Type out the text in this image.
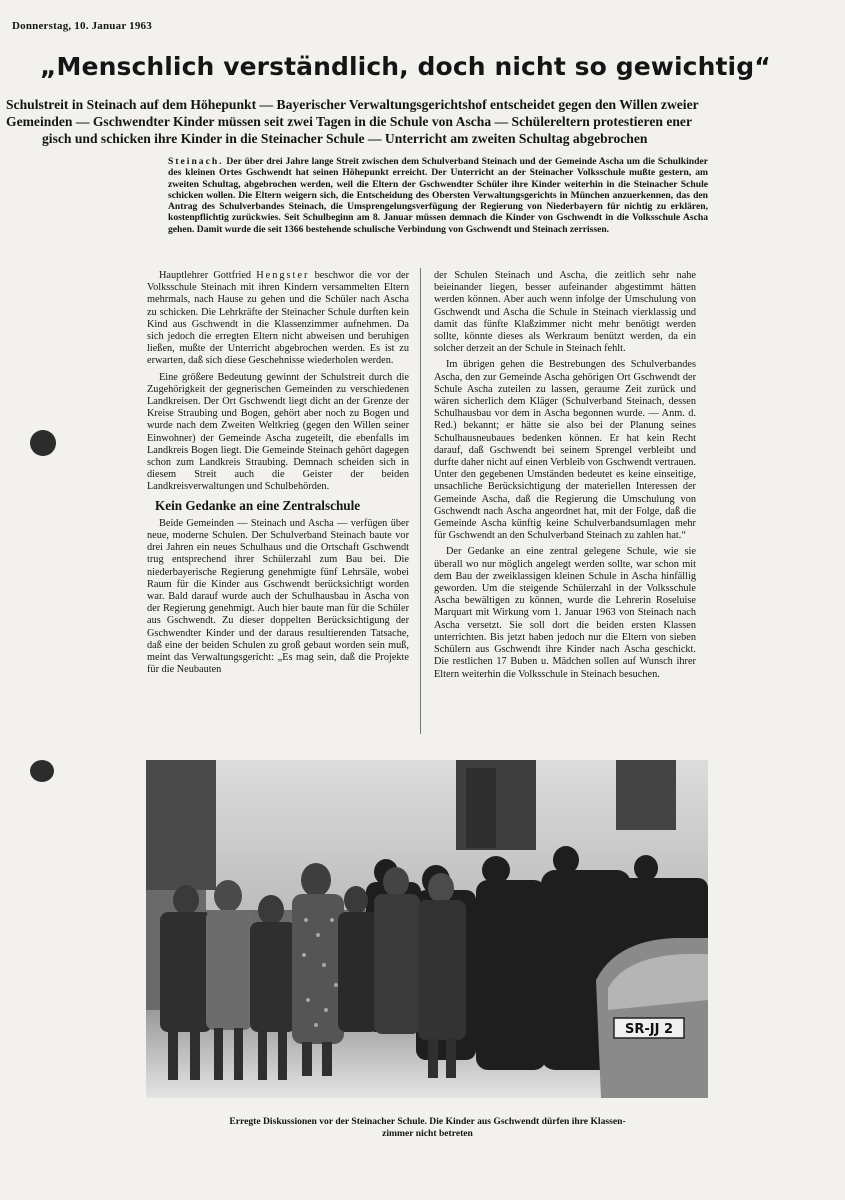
Donnerstag, 10. Januar 1963
„Menschlich verständlich, doch nicht so gewichtig“
Schulstreit in Steinach auf dem Höhepunkt — Bayerischer Verwaltungsgerichtshof entscheidet gegen den Willen zweier
Gemeinden — Gschwendter Kinder müssen seit zwei Tagen in die Schule von Ascha — Schülereltern protestieren ener
gisch und schicken ihre Kinder in die Steinacher Schule — Unterricht am zweiten Schultag abgebrochen
Steinach. Der über drei Jahre lange Streit zwischen dem Schulverband Steinach und der Gemeinde Ascha um die Schulkinder des kleinen Ortes Gschwendt hat seinen Höhepunkt erreicht. Der Unterricht an der Steinacher Volksschule mußte gestern, am zweiten Schultag, abgebrochen werden, weil die Eltern der Gschwendter Schüler ihre Kinder weiterhin in die Steinacher Schule schicken wollen. Die Eltern weigern sich, die Entscheidung des Obersten Verwaltungsgerichts in München anzuerkennen, das den Antrag des Schulverbandes Steinach, die Umsprengelungsverfügung der Regierung von Niederbayern für nichtig zu erklären, kostenpflichtig zurückwies. Seit Schulbeginn am 8. Januar müssen demnach die Kinder von Gschwendt in die Volksschule Ascha gehen. Damit wurde die seit 1366 bestehende schulische Verbindung von Gschwendt und Steinach zerrissen.

Hauptlehrer Gottfried Hengster beschwor die vor der Volksschule Steinach mit ihren Kindern versammelten Eltern mehrmals, nach Hause zu gehen und die Schüler nach Ascha zu schicken. Die Lehrkräfte der Steinacher Schule durften kein Kind aus Gschwendt in die Klassenzimmer aufnehmen. Da sich jedoch die erregten Eltern nicht abweisen und beruhigen ließen, mußte der Unterricht abgebrochen werden. Es ist zu erwarten, daß sich diese Geschehnisse wiederholen werden.

Eine größere Bedeutung gewinnt der Schulstreit durch die Zugehörigkeit der gegnerischen Gemeinden zu verschiedenen Landkreisen. Der Ort Gschwendt liegt dicht an der Grenze der Kreise Straubing und Bogen, gehört aber noch zu Bogen und wurde nach dem Zweiten Weltkrieg (gegen den Willen seiner Einwohner) der Gemeinde Ascha zugeteilt, die ebenfalls im Landkreis Bogen liegt. Die Gemeinde Steinach gehört dagegen schon zum Landkreis Straubing. Demnach scheiden sich in diesem Streit auch die Geister der beiden Landkreisverwaltungen und Schulbehörden.

Kein Gedanke an eine Zentralschule

Beide Gemeinden — Steinach und Ascha — verfügen über neue, moderne Schulen. Der Schulverband Steinach baute vor drei Jahren ein neues Schulhaus und die Ortschaft Gschwendt trug entsprechend ihrer Schülerzahl zum Bau bei. Die niederbayerische Regierung genehmigte fünf Lehrsäle, wobei Raum für die Kinder aus Gschwendt berücksichtigt worden war. Bald darauf wurde auch der Schulhausbau in Ascha von der Regierung genehmigt. Auch hier baute man für die Schüler aus Gschwendt. Zu dieser doppelten Berücksichtigung der Gschwendter Kinder und der daraus resultierenden Tatsache, daß eine der beiden Schulen zu groß gebaut worden sein muß, meint das Verwaltungsgericht: „Es mag sein, daß die Projekte für die Neubauten

der Schulen Steinach und Ascha, die zeitlich sehr nahe beieinander liegen, besser aufeinander abgestimmt hätten werden können. Aber auch wenn infolge der Umschulung von Gschwendt und Ascha die Schule in Steinach vierklassig und damit das fünfte Klaßzimmer nicht mehr benötigt werden sollte, könnte dieses als Werkraum benützt werden, da ein solcher derzeit an der Schule in Steinach fehlt.

Im übrigen gehen die Bestrebungen des Schulverbandes Ascha, den zur Gemeinde Ascha gehörigen Ort Gschwendt der Schule Ascha zuteilen zu lassen, geraume Zeit zurück und wären sicherlich dem Kläger (Schulverband Steinach, dessen Schulhausbau vor dem in Ascha begonnen wurde. — Anm. d. Red.) bekannt; er hätte sie also bei der Planung seines Schulhausneubaues bedenken können. Er hat kein Recht darauf, daß Gschwendt bei seinem Sprengel verbleibt und durfte daher nicht auf einen Verbleib von Gschwendt vertrauen. Unter den gegebenen Umständen bedeutet es keine einseitige, unsachliche Berücksichtigung der materiellen Interessen der Gemeinde Ascha, daß die Regierung die Umschulung von Gschwendt nach Ascha angeordnet hat, mit der Folge, daß die Gemeinde Ascha künftig keine Schulverbandsumlagen mehr für Gschwendt an den Schulverband Steinach zu zahlen hat.“

Der Gedanke an eine zentral gelegene Schule, wie sie überall wo nur möglich angelegt werden sollte, war schon mit dem Bau der zweiklassigen kleinen Schule in Ascha hinfällig geworden. Um die steigende Schülerzahl in der Volksschule Ascha bewältigen zu können, wurde die Lehrerin Roseluise Marquart mit Wirkung vom 1. Januar 1963 von Steinach nach Ascha versetzt. Sie soll dort die beiden ersten Klassen unterrichten. Bis jetzt haben jedoch nur die Eltern von sieben Schülern aus Gschwendt ihre Kinder nach Ascha geschickt. Die restlichen 17 Buben u. Mädchen sollen auf Wunsch ihrer Eltern weiterhin die Volksschule in Steinach besuchen.

SR-JJ 2
Erregte Diskussionen vor der Steinacher Schule. Die Kinder aus Gschwendt dürfen ihre Klassen-
zimmer nicht betreten
